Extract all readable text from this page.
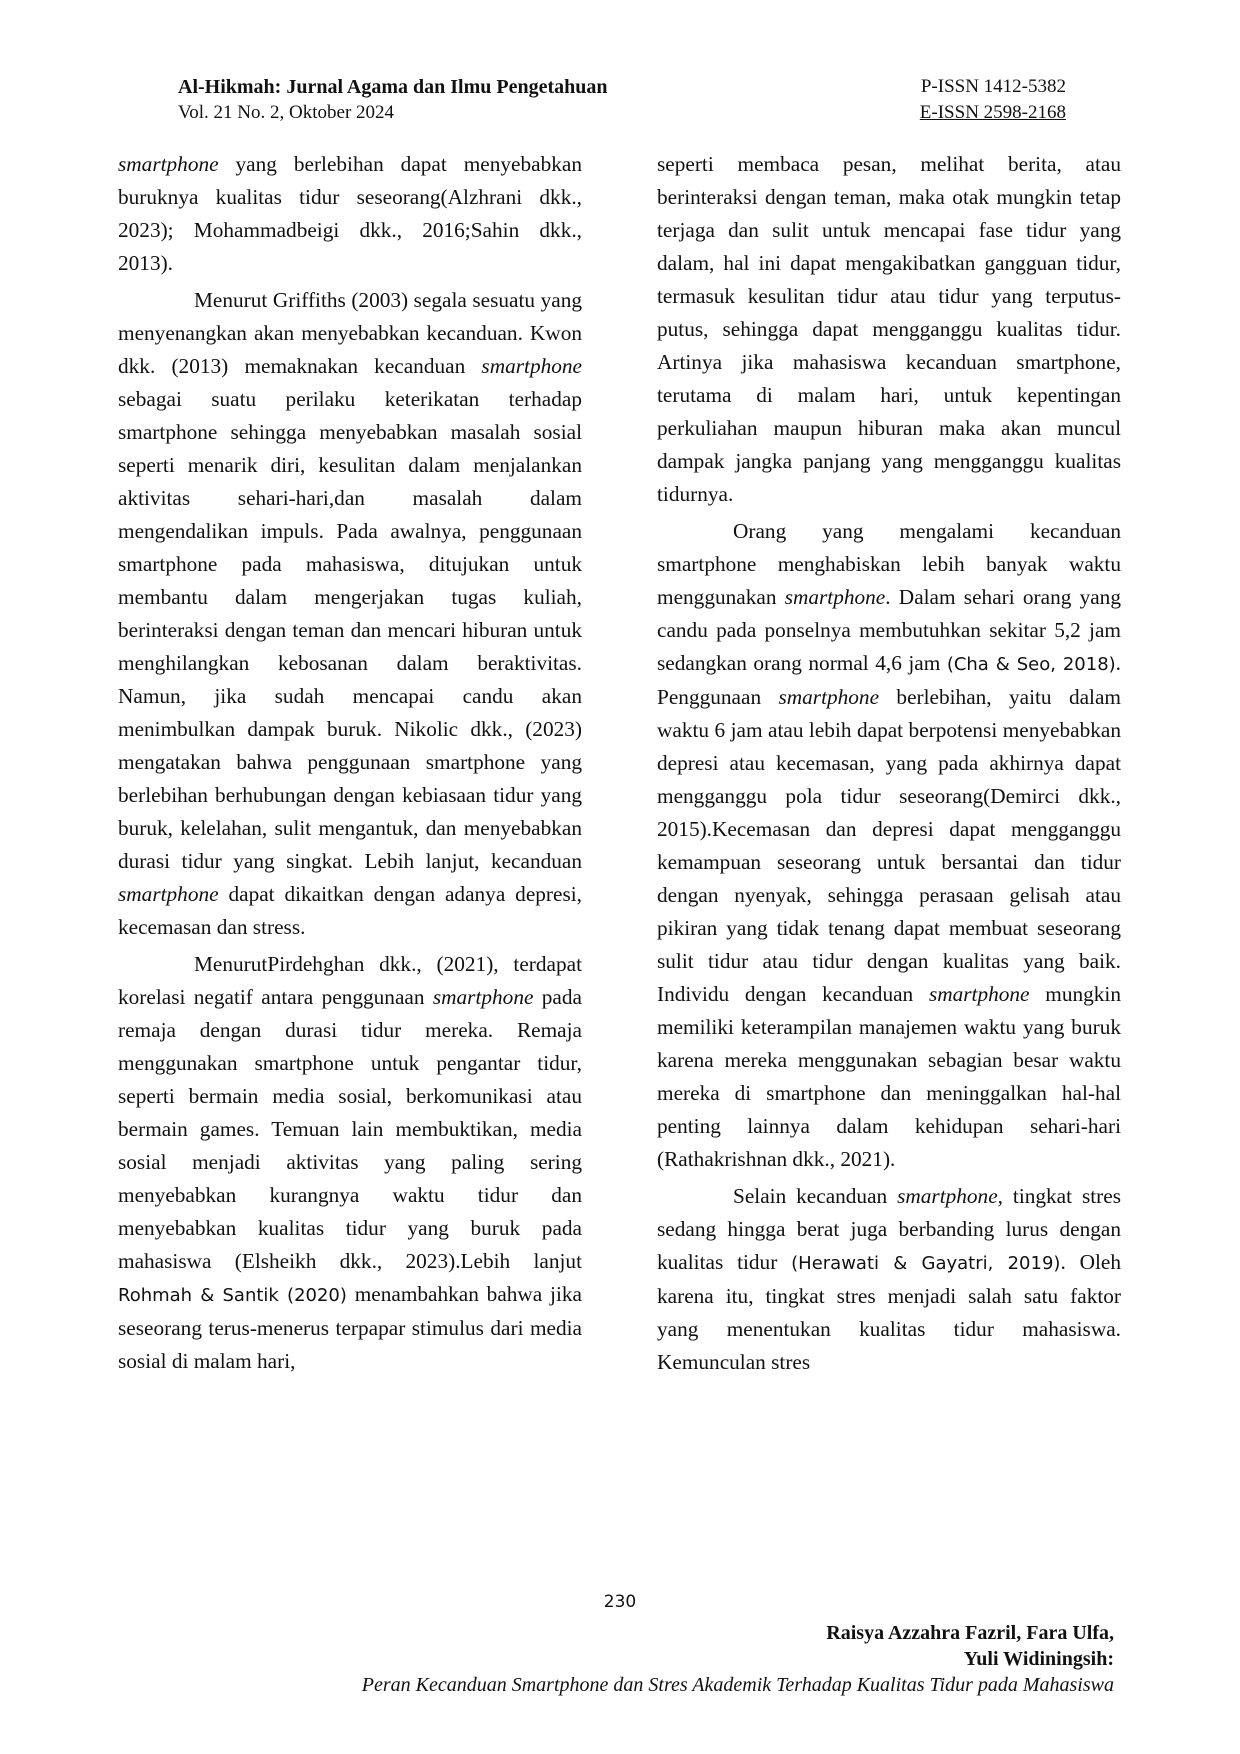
Al-Hikmah: Jurnal Agama dan Ilmu Pengetahuan
Vol. 21 No. 2, Oktober 2024
P-ISSN 1412-5382
E-ISSN 2598-2168

smartphone yang berlebihan dapat menyebabkan buruknya kualitas tidur seseorang(Alzhrani dkk., 2023); Mohammadbeigi dkk., 2016;Sahin dkk., 2013).

Menurut Griffiths (2003) segala sesuatu yang menyenangkan akan menyebabkan kecanduan. Kwon dkk. (2013) memaknakan kecanduan smartphone sebagai suatu perilaku keterikatan terhadap smartphone sehingga menyebabkan masalah sosial seperti menarik diri, kesulitan dalam menjalankan aktivitas sehari-hari,dan masalah dalam mengendalikan impuls. Pada awalnya, penggunaan smartphone pada mahasiswa, ditujukan untuk membantu dalam mengerjakan tugas kuliah, berinteraksi dengan teman dan mencari hiburan untuk menghilangkan kebosanan dalam beraktivitas. Namun, jika sudah mencapai candu akan menimbulkan dampak buruk. Nikolic dkk., (2023) mengatakan bahwa penggunaan smartphone yang berlebihan berhubungan dengan kebiasaan tidur yang buruk, kelelahan, sulit mengantuk, dan menyebabkan durasi tidur yang singkat. Lebih lanjut, kecanduan smartphone dapat dikaitkan dengan adanya depresi, kecemasan dan stress.

MenurutPirdehghan dkk., (2021), terdapat korelasi negatif antara penggunaan smartphone pada remaja dengan durasi tidur mereka. Remaja menggunakan smartphone untuk pengantar tidur, seperti bermain media sosial, berkomunikasi atau bermain games. Temuan lain membuktikan, media sosial menjadi aktivitas yang paling sering menyebabkan kurangnya waktu tidur dan menyebabkan kualitas tidur yang buruk pada mahasiswa (Elsheikh dkk., 2023).Lebih lanjut Rohmah & Santik (2020) menambahkan bahwa jika seseorang terus-menerus terpapar stimulus dari media sosial di malam hari,

seperti membaca pesan, melihat berita, atau berinteraksi dengan teman, maka otak mungkin tetap terjaga dan sulit untuk mencapai fase tidur yang dalam, hal ini dapat mengakibatkan gangguan tidur, termasuk kesulitan tidur atau tidur yang terputus-putus, sehingga dapat mengganggu kualitas tidur. Artinya jika mahasiswa kecanduan smartphone, terutama di malam hari, untuk kepentingan perkuliahan maupun hiburan maka akan muncul dampak jangka panjang yang mengganggu kualitas tidurnya.

Orang yang mengalami kecanduan smartphone menghabiskan lebih banyak waktu menggunakan smartphone. Dalam sehari orang yang candu pada ponselnya membutuhkan sekitar 5,2 jam sedangkan orang normal 4,6 jam (Cha & Seo, 2018). Penggunaan smartphone berlebihan, yaitu dalam waktu 6 jam atau lebih dapat berpotensi menyebabkan depresi atau kecemasan, yang pada akhirnya dapat mengganggu pola tidur seseorang(Demirci dkk., 2015).Kecemasan dan depresi dapat mengganggu kemampuan seseorang untuk bersantai dan tidur dengan nyenyak, sehingga perasaan gelisah atau pikiran yang tidak tenang dapat membuat seseorang sulit tidur atau tidur dengan kualitas yang baik. Individu dengan kecanduan smartphone mungkin memiliki keterampilan manajemen waktu yang buruk karena mereka menggunakan sebagian besar waktu mereka di smartphone dan meninggalkan hal-hal penting lainnya dalam kehidupan sehari-hari (Rathakrishnan dkk., 2021).

Selain kecanduan smartphone, tingkat stres sedang hingga berat juga berbanding lurus dengan kualitas tidur (Herawati & Gayatri, 2019). Oleh karena itu, tingkat stres menjadi salah satu faktor yang menentukan kualitas tidur mahasiswa. Kemunculan stres

230
Raisya Azzahra Fazril, Fara Ulfa,
Yuli Widiningsih:
Peran Kecanduan Smartphone dan Stres Akademik Terhadap Kualitas Tidur pada Mahasiswa
